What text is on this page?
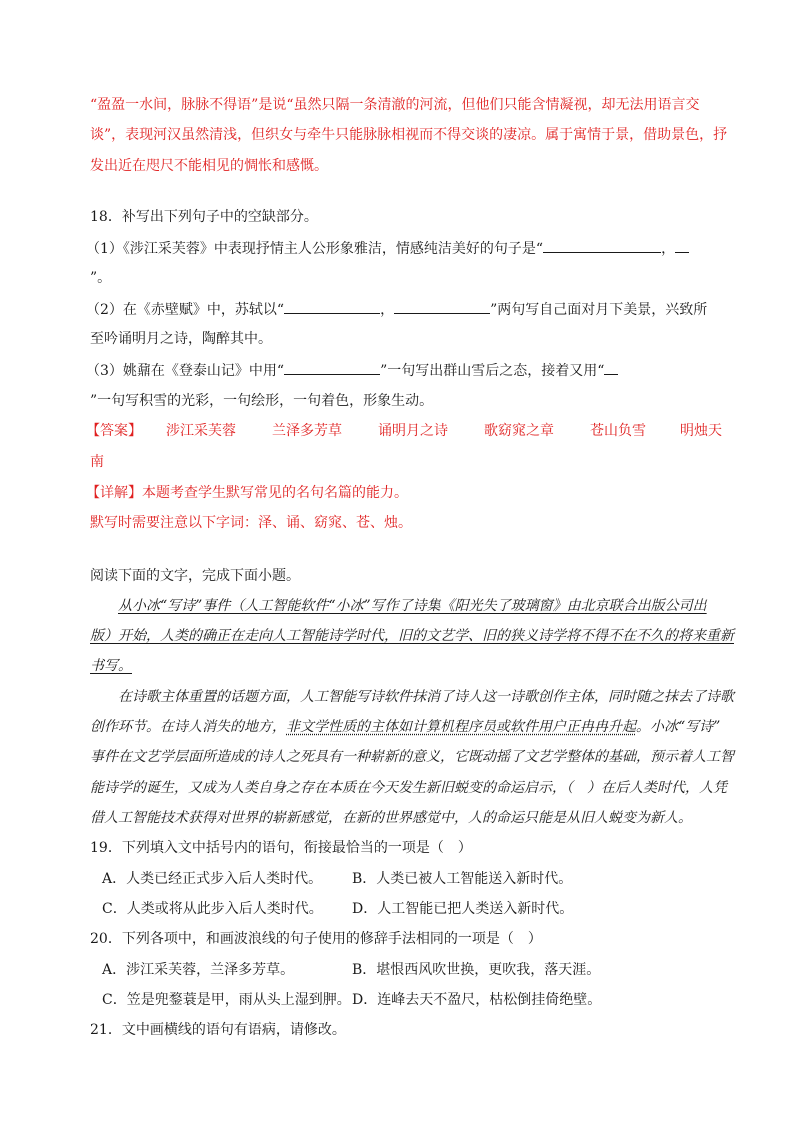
“盈盈一水间，脉脉不得语”是说“虽然只隔一条清澈的河流，但他们只能含情凝视，却无法用语言交
谈”，表现河汉虽然清浅，但织女与牵牛只能脉脉相视而不得交谈的凄凉。属于寓情于景，借助景色，抒
发出近在咫尺不能相见的惆怅和感慨。
18．补写出下列句子中的空缺部分。
（1）《涉江采芙蓉》中表现抒情主人公形象雅洁，情感纯洁美好的句子是“	，
”。
（2）在《赤壁赋》中，苏轼以“	，	”两句写自己面对月下美景，兴致所
至吟诵明月之诗，陶醉其中。
（3）姚鼐在《登泰山记》中用“	”一句写出群山雪后之态，接着又用“
”一句写积雪的光彩，一句绘形，一句着色，形象生动。
【答案】 涉江采芙蓉	兰泽多芳草	诵明月之诗	歌窈窕之章	苍山负雪 明烛天
南
【详解】本题考查学生默写常见的名句名篇的能力。
默写时需要注意以下字词：泽、诵、窈窕、苍、烛。
阅读下面的文字，完成下面小题。
从小冰“写诗”事件（人工智能软件“小冰”写作了诗集《阳光失了玻璃窗》由北京联合出版公司出
版）开始，人类的确正在走向人工智能诗学时代，旧的文艺学、旧的狭义诗学将不得不在不久的将来重新
书写。
在诗歌主体重置的话题方面，人工智能写诗软件抹消了诗人这一诗歌创作主体，同时随之抹去了诗歌
创作环节。在诗人消失的地方，非文学性质的主体如计算机程序员或软件用户正冉冉升起。小冰“写诗”
事件在文艺学层面所造成的诗人之死具有一种崭新的意义，它既动摇了文艺学整体的基础，预示着人工智
能诗学的诞生，又成为人类自身之存在本质在今天发生新旧蜕变的命运启示，（　）在后人类时代，人凭
借人工智能技术获得对世界的崭新感觉，在新的世界感觉中，人的命运只能是从旧人蜕变为新人。
19．下列填入文中括号内的语句，衔接最恰当的一项是（　）
A．人类已经正式步入后人类时代。 B．人类已被人工智能送入新时代。
C．人类或将从此步入后人类时代。 D．人工智能已把人类送入新时代。
20．下列各项中，和画波浪线的句子使用的修辞手法相同的一项是（　）
A．涉江采芙蓉，兰泽多芳草。	B．堪恨西风吹世换，更吹我，落天涯。
C．笠是兜鍪蓑是甲，雨从头上湿到胛。 D．连峰去天不盈尺，枯松倒挂倚绝壁。
21．文中画横线的语句有语病，请修改。
